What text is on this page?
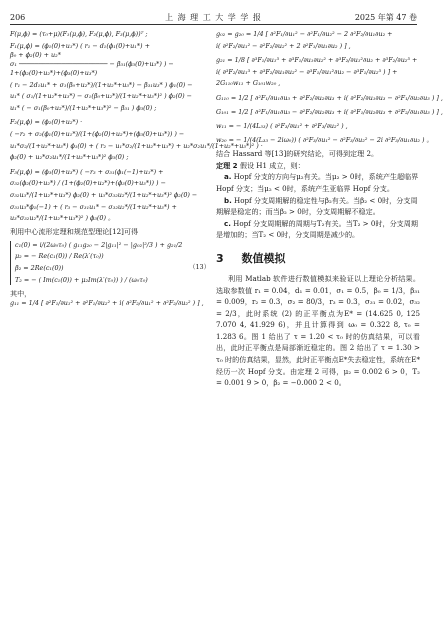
206	上 海 理 工 大 学 学 报	2025 年第 47 卷
F(μ,ϕ) = (τ₀+μ)(F₁(μ,ϕ), F₂(μ,ϕ), F₃(μ,ϕ))ᵀ ;
F₁(μ,ϕ) = (ϕ₁(0)+u₁*) ( r₁ − d₁(ϕ₁(0)+u₁*) +
β₀ + ϕ₂(0) + u₂*
σ₁ ─────────────────────── − β₃₁(ϕ₃(0)+u₃*) ) −
1+(ϕ₂(0)+u₂*)+(ϕ₃(0)+u₃*)
( r₁ − 2d₁u₁* + σ₁(β₀+u₂*)/(1+u₂*+u₃*) − β₃₁u₃* ) ϕ₁(0) −
u₁* ( σ₁/(1+u₂*+u₃*) − σ₁(β₀+u₂*)/(1+u₂*+u₃*)² ) ϕ₂(0) −
u₁* ( − σ₁(β₀+u₂*)/(1+u₂*+u₃*)² − β₃₁ ) ϕ₃(0) ;
F₂(μ,ϕ) = (ϕ₂(0)+u₂*) ·
( −r₂ + σ₂(ϕ₁(0)+u₁*)/(1+(ϕ₂(0)+u₂*)+(ϕ₃(0)+u₃*)) ) −
u₁*σ₂/(1+u₂*+u₃*) ϕ₁(0) + ( r₂ − u₁*σ₂/(1+u₂*+u₃*) + u₂*σ₂u₁*/(1+u₂*+u₃*)² ) ·
ϕ₂(0) + u₂*σ₂u₁*/(1+u₂*+u₃*)² ϕ₃(0) ;
F₃(μ,ϕ) = (ϕ₃(0)+u₃*) ( −r₃ + σ₃₁(ϕ₁(−1)+u₁*) +
σ₃₂(ϕ₂(0)+u₂*) / (1+(ϕ₂(0)+u₂*)+(ϕ₃(0)+u₃*)) ) −
σ₃₂u₃*/(1+u₂*+u₃*) ϕ₂(0) + u₃*σ₃₂u₂*/(1+u₂*+u₃*)² ϕ₂(0) −
σ₃₁u₃*ϕ₁(−1) + ( r₃ − σ₃₁u₁* − σ₃₂u₂*/(1+u₂*+u₃*) +
u₃*σ₃₂u₂*/(1+u₂*+u₃*)² ) ϕ₃(0) 。
利用中心流形定理和规范型理论[12]可得
（13）
c₁(0) = i/(2ω₀τ₀) ( g₁₁g₂₀ − 2|g₁₁|² − |g₀₂|²/3 ) + g₂₁/2
μ₂ = − Re(c₁(0)) / Re(λ′(τ₀))
β₂ = 2Re(c₁(0))
T₂ = − ( Im(c₁(0)) + μ₂Im(λ′(τ₀)) ) / (ω₀τ₀)
其中，
g₁₁ = 1/4 [ ∂²F₁/∂u₁² + ∂²F₁/∂u₂² + i( ∂²F₂/∂u₁² + ∂²F₂/∂u₂² ) ] ,
g₀₂ = g₂₀ = 1/4 [ ∂²F₁/∂u₁² − ∂²F₁/∂u₂² − 2 ∂²F₂/∂u₁∂u₂ +
i( ∂²F₂/∂u₁² − ∂²F₂/∂u₂² + 2 ∂²F₁/∂u₁∂u₂ ) ] ,
g₂₁ = 1/8 [ ∂³F₁/∂u₁³ + ∂³F₁/∂u₁∂u₂² + ∂³F₂/∂u₁²∂u₂ + ∂³F₂/∂u₂³ +
i( ∂³F₂/∂u₁³ + ∂³F₂/∂u₁∂u₂² − ∂³F₁/∂u₁²∂u₂ − ∂³F₁/∂u₂³ ) ] +
2G₁₁₀w₁₁ + G₁₀₁w₂₀ ,
G₁₁₀ = 1/2 [ ∂²F₁/∂u₁∂u₃ + ∂²F₂/∂u₂∂u₃ + i( ∂²F₂/∂u₁∂u₃ − ∂²F₁/∂u₂∂u₃ ) ] ,
G₁₀₁ = 1/2 [ ∂²F₁/∂u₁∂u₃ − ∂²F₂/∂u₂∂u₃ + i( ∂²F₁/∂u₂∂u₃ + ∂²F₂/∂u₁∂u₃ ) ] ,
w₁₁ = − 1/(4L₃₃) ( ∂²F₃/∂u₁² + ∂²F₃/∂u₂² ) ,
w₂₀ = − 1/(4(L₃₃ − 2iω₀)) ( ∂²F₃/∂u₁² − ∂²F₃/∂u₂² − 2i ∂²F₃/∂u₁∂u₂ ) 。
结合 Hassard 等[13]的研究结论，可得到定理 2。
定理 2 假设 H1 成立，则：
a. Hopf 分支的方向与μ₂有关。当μ₂ > 0时，系统产生超临界 Hopf 分支；当μ₂ < 0时，系统产生亚临界 Hopf 分支。
b. Hopf 分支周期解的稳定性与β₂有关。当β₂ < 0时，分支周期解是稳定的；而当β₂ > 0时，分支周期解不稳定。
c. Hopf 分支周期解的周期与T₂有关。当T₂ > 0时，分支周期是增加的；当T₂ < 0时，分支周期是减少的。
3 数值模拟
利用 Matlab 软件进行数值模拟来验证以上理论分析结果。选取参数值 r₁ = 0.04，d₁ = 0.01，σ₁ = 0.5，β₀ = 1/3，β₃₁ = 0.009，r₂ = 0.3，σ₂ = 80/3，r₃ = 0.3，σ₃₁ = 0.02，σ₃₂ = 2/3，此时系统 (2) 的正平衡点为E* = (14.625 0, 125 7.070 4, 41.929 6)，并且计算得到 ω₀ = 0.322 8, τ₀ = 1.283 6。图 1 给出了 τ = 1.20 < τ₀ 时的仿真结果，可以看出，此时正平衡点是局部渐近稳定的。图 2 给出了 τ = 1.30 > τ₀ 时的仿真结果，显然，此时正平衡点E*失去稳定性，系统在E*经历一次 Hopf 分支。由定理 2 可得，μ₂ = 0.002 6 > 0，T₂ = 0.001 9 > 0，β₂ = −0.000 2 < 0。
